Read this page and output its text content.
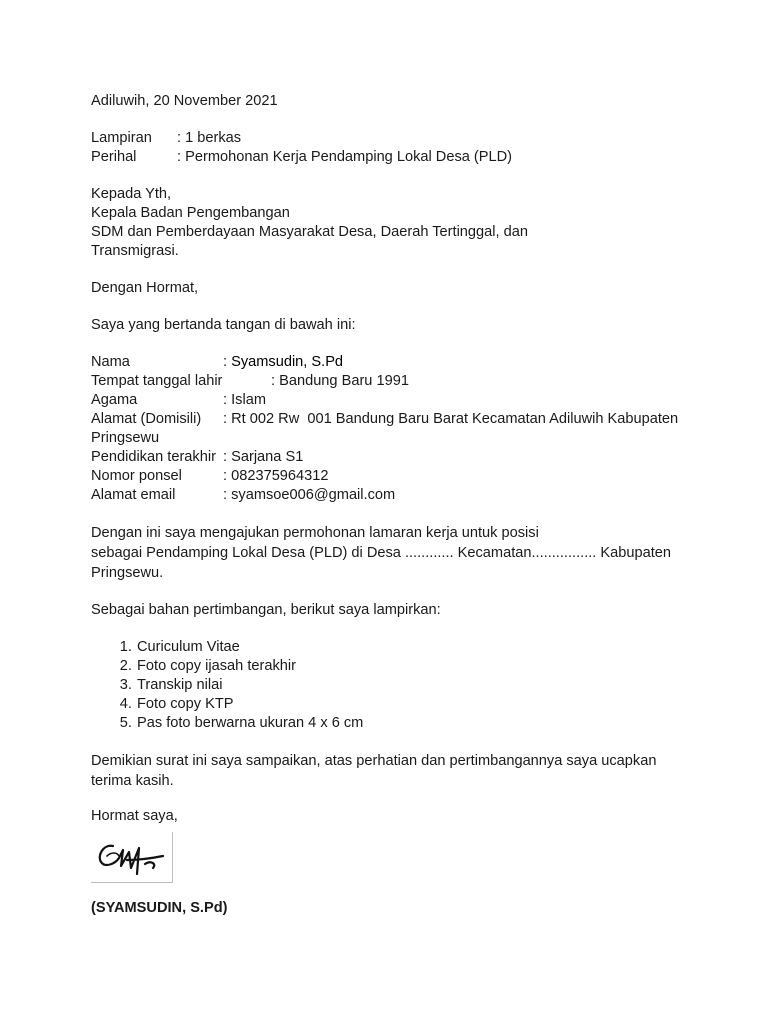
Adiluwih, 20 November 2021
Lampiran	: 1 berkas
Perihal	: Permohonan Kerja Pendamping Lokal Desa (PLD)
Kepada Yth,
Kepala Badan Pengembangan
SDM dan Pemberdayaan Masyarakat Desa, Daerah Tertinggal, dan
Transmigrasi.
Dengan Hormat,
Saya yang bertanda tangan di bawah ini:
Nama	: Syamsudin, S.Pd
Tempat tanggal lahir	: Bandung Baru 1991
Agama	: Islam
Alamat (Domisili)	: Rt 002 Rw  001 Bandung Baru Barat Kecamatan Adiluwih Kabupaten
Pringsewu
Pendidikan terakhir : Sarjana S1
Nomor ponsel	: 082375964312
Alamat email	: syamsoe006@gmail.com
Dengan ini saya mengajukan permohonan lamaran kerja untuk posisi
sebagai Pendamping Lokal Desa (PLD) di Desa ............ Kecamatan................ Kabupaten
Pringsewu.
Sebagai bahan pertimbangan, berikut saya lampirkan:
1. Curiculum Vitae
2. Foto copy ijasah terakhir
3. Transkip nilai
4. Foto copy KTP
5. Pas foto berwarna ukuran 4 x 6 cm
Demikian surat ini saya sampaikan, atas perhatian dan pertimbangannya saya ucapkan
terima kasih.
Hormat saya,
(SYAMSUDIN, S.Pd)
